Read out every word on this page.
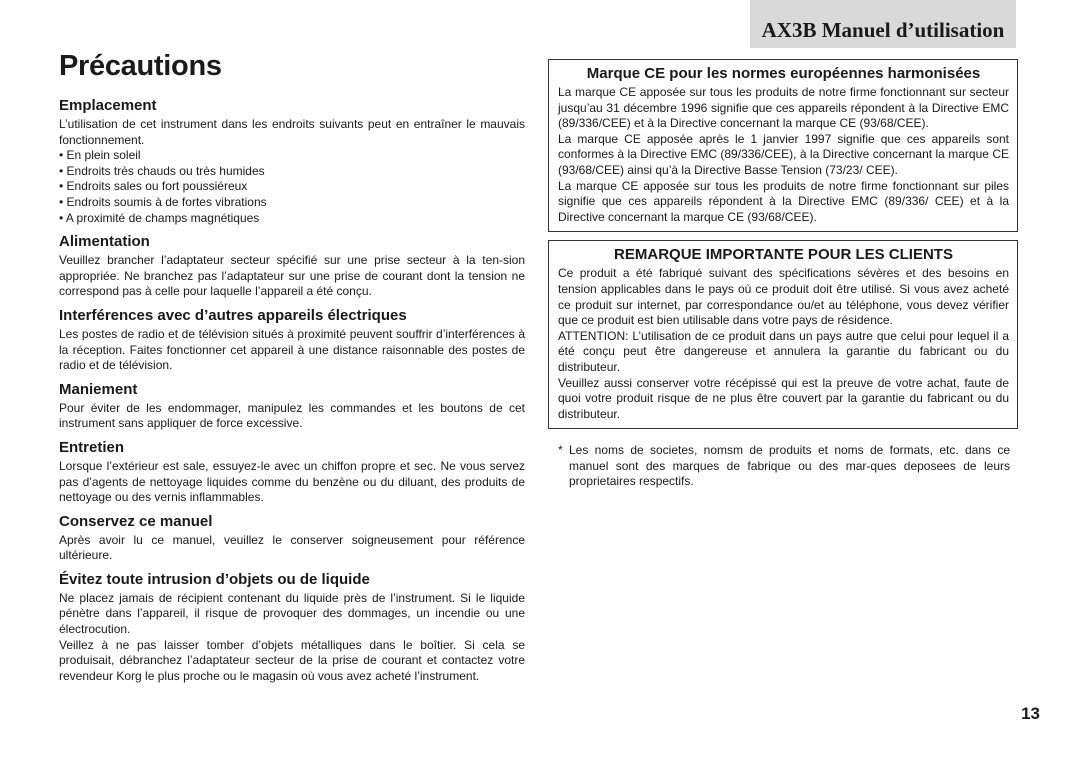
AX3B Manuel d’utilisation
Précautions
Emplacement

L’utilisation de cet instrument dans les endroits suivants peut en entraîner le mauvais fonctionnement.

• En plein soleil
• Endroits très chauds ou très humides
• Endroits sales ou fort poussiéreux
• Endroits soumis à de fortes vibrations
• A proximité de champs magnétiques
Alimentation

Veuillez brancher l’adaptateur secteur spécifié sur une prise secteur à la ten-sion appropriée. Ne branchez pas l’adaptateur sur une prise de courant dont la tension ne correspond pas à celle pour laquelle l’appareil a été conçu.

Interférences avec d’autres appareils électriques

Les postes de radio et de télévision situés à proximité peuvent souffrir d’interférences à la réception. Faites fonctionner cet appareil à une distance raisonnable des postes de radio et de télévision.

Maniement

Pour éviter de les endommager, manipulez les commandes et les boutons de cet instrument sans appliquer de force excessive.

Entretien

Lorsque l’extérieur est sale, essuyez-le avec un chiffon propre et sec. Ne vous servez pas d’agents de nettoyage liquides comme du benzène ou du diluant, des produits de nettoyage ou des vernis inflammables.

Conservez ce manuel

Après avoir lu ce manuel, veuillez le conserver soigneusement pour référence ultérieure.

Évitez toute intrusion d’objets ou de liquide

Ne placez jamais de récipient contenant du liquide près de l’instrument. Si le liquide pénètre dans l’appareil, il risque de provoquer des dommages, un incendie ou une électrocution.

Veillez à ne pas laisser tomber d’objets métalliques dans le boîtier. Si cela se produisait, débranchez l’adaptateur secteur de la prise de courant et contactez votre revendeur Korg le plus proche ou le magasin où vous avez acheté l’instrument.

Marque CE pour les normes européennes harmonisées

La marque CE apposée sur tous les produits de notre firme fonctionnant sur secteur jusqu’au 31 décembre 1996 signifie que ces appareils répondent à la Directive EMC (89/336/CEE) et à la Directive concernant la marque CE (93/68/CEE).

La marque CE apposée après le 1 janvier 1997 signifie que ces appareils sont conformes à la Directive EMC (89/336/CEE), à la Directive concernant la marque CE (93/68/CEE) ainsi qu’à la Directive Basse Tension (73/23/ CEE).

La marque CE apposée sur tous les produits de notre firme fonctionnant sur piles signifie que ces appareils répondent à la Directive EMC (89/336/ CEE) et à la Directive concernant la marque CE (93/68/CEE).

REMARQUE IMPORTANTE POUR LES CLIENTS

Ce produit a été fabriqué suivant des spécifications sévères et des besoins en tension applicables dans le pays où ce produit doit être utilisé. Si vous avez acheté ce produit sur internet, par correspondance ou/et au téléphone, vous devez vérifier que ce produit est bien utilisable dans votre pays de résidence.

ATTENTION: L’utilisation de ce produit dans un pays autre que celui pour lequel il a été conçu peut être dangereuse et annulera la garantie du fabricant ou du distributeur.

Veuillez aussi conserver votre récépissé qui est la preuve de votre achat, faute de quoi votre produit risque de ne plus être couvert par la garantie du fabricant ou du distributeur.

* Les noms de societes, nomsm de produits et noms de formats, etc. dans ce manuel sont des marques de fabrique ou des mar-ques deposees de leurs proprietaires respectifs.
13
